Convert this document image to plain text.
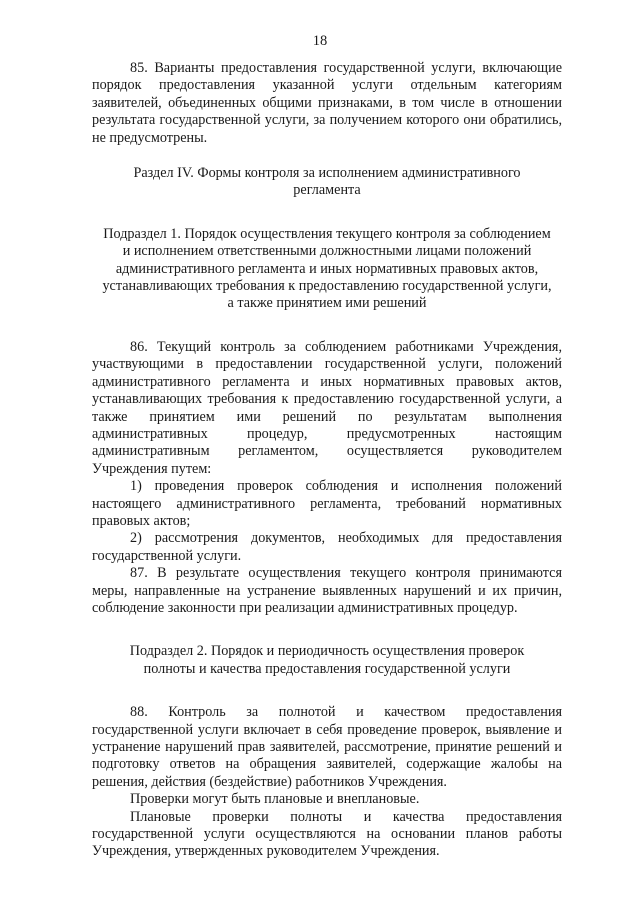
18

85. Варианты предоставления государственной услуги, включающие порядок предоставления указанной услуги отдельным категориям заявителей, объединенных общими признаками, в том числе в отношении результата государственной услуги, за получением которого они обратились, не предусмотрены.

Раздел IV. Формы контроля за исполнением административного регламента

Подраздел 1. Порядок осуществления текущего контроля за соблюдением и исполнением ответственными должностными лицами положений административного регламента и иных нормативных правовых актов, устанавливающих требования к предоставлению государственной услуги, а также принятием ими решений

86. Текущий контроль за соблюдением работниками Учреждения, участвующими в предоставлении государственной услуги, положений административного регламента и иных нормативных правовых актов, устанавливающих требования к предоставлению государственной услуги, а также принятием ими решений по результатам выполнения административных процедур, предусмотренных настоящим административным регламентом, осуществляется руководителем Учреждения путем:

1) проведения проверок соблюдения и исполнения положений настоящего административного регламента, требований нормативных правовых актов;

2) рассмотрения документов, необходимых для предоставления государственной услуги.

87. В результате осуществления текущего контроля принимаются меры, направленные на устранение выявленных нарушений и их причин, соблюдение законности при реализации административных процедур.

Подраздел 2. Порядок и периодичность осуществления проверок полноты и качества предоставления государственной услуги

88. Контроль за полнотой и качеством предоставления государственной услуги включает в себя проведение проверок, выявление и устранение нарушений прав заявителей, рассмотрение, принятие решений и подготовку ответов на обращения заявителей, содержащие жалобы на решения, действия (бездействие) работников Учреждения.

Проверки могут быть плановые и внеплановые.

Плановые проверки полноты и качества предоставления государственной услуги осуществляются на основании планов работы Учреждения, утвержденных руководителем Учреждения.
